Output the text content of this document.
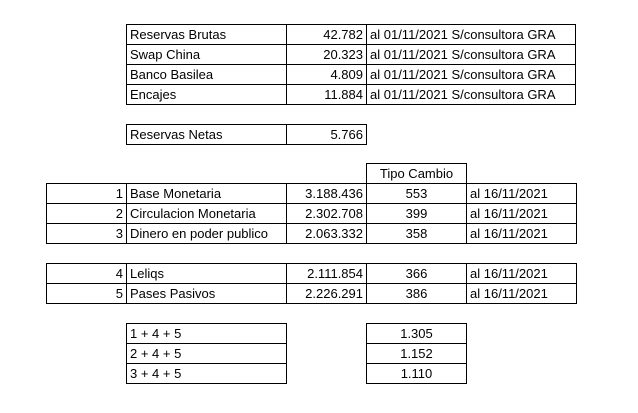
Reservas Brutas	42.782 al 01/11/2021 S/consultora GRA
Swap China	20.323 al 01/11/2021 S/consultora GRA
Banco Basilea	4.809 al 01/11/2021 S/consultora GRA
Encajes	11.884 al 01/11/2021 S/consultora GRA
Reservas Netas	5.766
Tipo Cambio
1 Base Monetaria	3.188.436	553	al 16/11/2021
2 Circulacion Monetaria	2.302.708	399	al 16/11/2021
3 Dinero en poder publico	2.063.332	358	al 16/11/2021
4 Leliqs	2.111.854	366	al 16/11/2021
5 Pases Pasivos	2.226.291	386	al 16/11/2021
1 + 4 + 5	1.305
2 + 4 + 5	1.152
3 + 4 + 5	1.110
